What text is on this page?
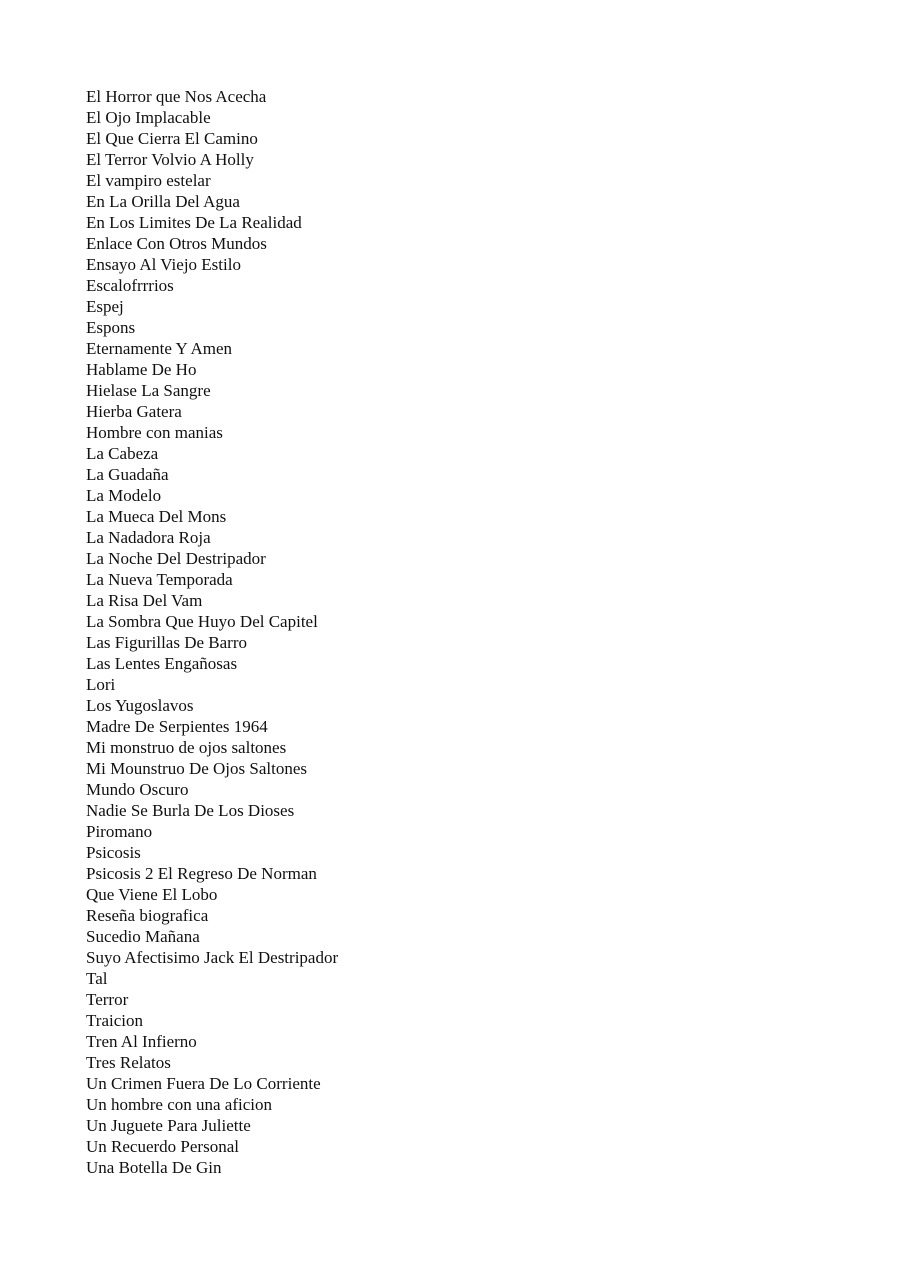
El Horror que Nos Acecha
El Ojo Implacable
El Que Cierra El Camino
El Terror Volvio A Holly
El vampiro estelar
En La Orilla Del Agua
En Los Limites De La Realidad
Enlace Con Otros Mundos
Ensayo Al Viejo Estilo
Escalofrrrios
Espej
Espons
Eternamente Y Amen
Hablame De Ho
Hielase La Sangre
Hierba Gatera
Hombre con manias
La Cabeza
La Guadaña
La Modelo
La Mueca Del Mons
La Nadadora Roja
La Noche Del Destripador
La Nueva Temporada
La Risa Del Vam
La Sombra Que Huyo Del Capitel
Las Figurillas De Barro
Las Lentes Engañosas
Lori
Los Yugoslavos
Madre De Serpientes 1964
Mi monstruo de ojos saltones
Mi Mounstruo De Ojos Saltones
Mundo Oscuro
Nadie Se Burla De Los Dioses
Piromano
Psicosis
Psicosis 2 El Regreso De Norman
Que Viene El Lobo
Reseña biografica
Sucedio Mañana
Suyo Afectisimo Jack El Destripador
Tal
Terror
Traicion
Tren Al Infierno
Tres Relatos
Un Crimen Fuera De Lo Corriente
Un hombre con una aficion
Un Juguete Para Juliette
Un Recuerdo Personal
Una Botella De Gin
